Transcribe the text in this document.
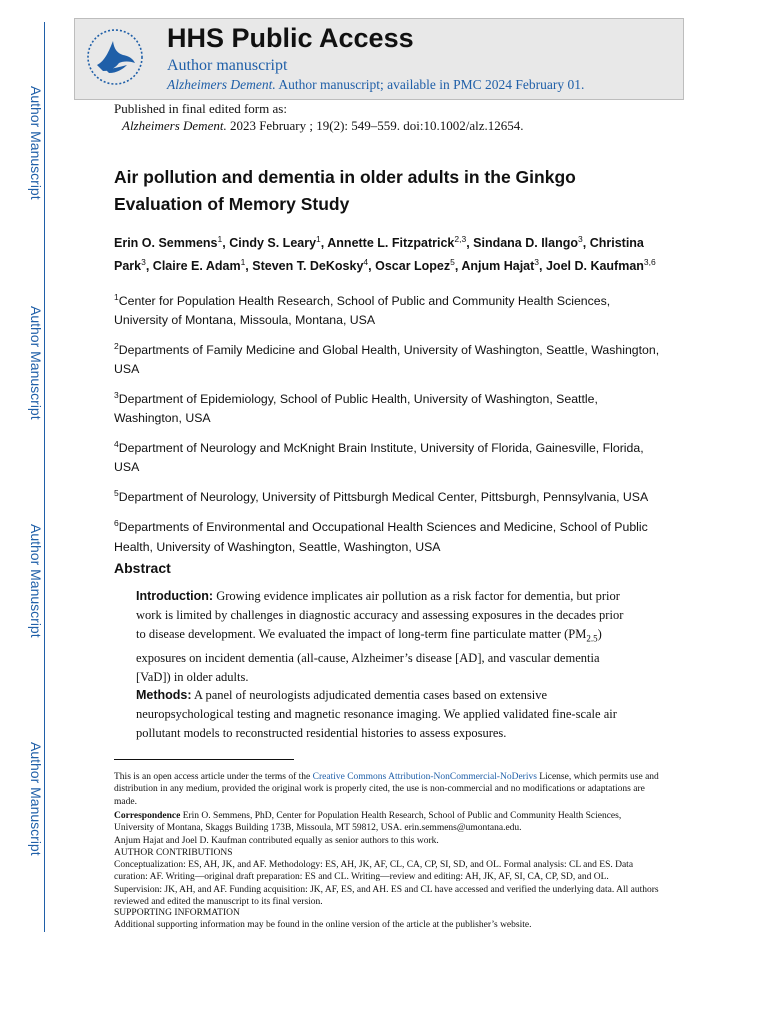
Author Manuscript
Author Manuscript
Author Manuscript
Author Manuscript
HHS Public Access
Author manuscript
Alzheimers Dement. Author manuscript; available in PMC 2024 February 01.
Published in final edited form as:
Alzheimers Dement. 2023 February ; 19(2): 549–559. doi:10.1002/alz.12654.
Air pollution and dementia in older adults in the Ginkgo Evaluation of Memory Study
Erin O. Semmens$^1$, Cindy S. Leary$^1$, Annette L. Fitzpatrick$^{2,3}$, Sindana D. Ilango$^3$, Christina Park$^3$, Claire E. Adam$^1$, Steven T. DeKosky$^4$, Oscar Lopez$^5$, Anjum Hajat$^3$, Joel D. Kaufman$^{3,6}$

$^1$Center for Population Health Research, School of Public and Community Health Sciences, University of Montana, Missoula, Montana, USA

$^2$Departments of Family Medicine and Global Health, University of Washington, Seattle, Washington, USA

$^3$Department of Epidemiology, School of Public Health, University of Washington, Seattle, Washington, USA

$^4$Department of Neurology and McKnight Brain Institute, University of Florida, Gainesville, Florida, USA

$^5$Department of Neurology, University of Pittsburgh Medical Center, Pittsburgh, Pennsylvania, USA

$^6$Departments of Environmental and Occupational Health Sciences and Medicine, School of Public Health, University of Washington, Seattle, Washington, USA

Abstract
Introduction: Growing evidence implicates air pollution as a risk factor for dementia, but prior work is limited by challenges in diagnostic accuracy and assessing exposures in the decades prior to disease development. We evaluated the impact of long-term fine particulate matter $(PM_{2.5})$ exposures on incident dementia (all-cause, Alzheimer’s disease [AD], and vascular dementia [VaD]) in older adults.
Methods: A panel of neurologists adjudicated dementia cases based on extensive neuropsychological testing and magnetic resonance imaging. We applied validated fine-scale air pollutant models to reconstructed residential histories to assess exposures.
This is an open access article under the terms of the Creative Commons Attribution-NonCommercial-NoDerivs License, which permits use and distribution in any medium, provided the original work is properly cited, the use is non-commercial and no modifications or adaptations are made.
Correspondence Erin O. Semmens, PhD, Center for Population Health Research, School of Public and Community Health Sciences, University of Montana, Skaggs Building 173B, Missoula, MT 59812, USA. erin.semmens@umontana.edu.
Anjum Hajat and Joel D. Kaufman contributed equally as senior authors to this work.
AUTHOR CONTRIBUTIONS
Conceptualization: ES, AH, JK, and AF. Methodology: ES, AH, JK, AF, CL, CA, CP, SI, SD, and OL. Formal analysis: CL and ES. Data curation: AF. Writing—original draft preparation: ES and CL. Writing—review and editing: AH, JK, AF, SI, CA, CP, SD, and OL. Supervision: JK, AH, and AF. Funding acquisition: JK, AF, ES, and AH. ES and CL have accessed and verified the underlying data. All authors reviewed and edited the manuscript to its final version.
SUPPORTING INFORMATION
Additional supporting information may be found in the online version of the article at the publisher’s website.
